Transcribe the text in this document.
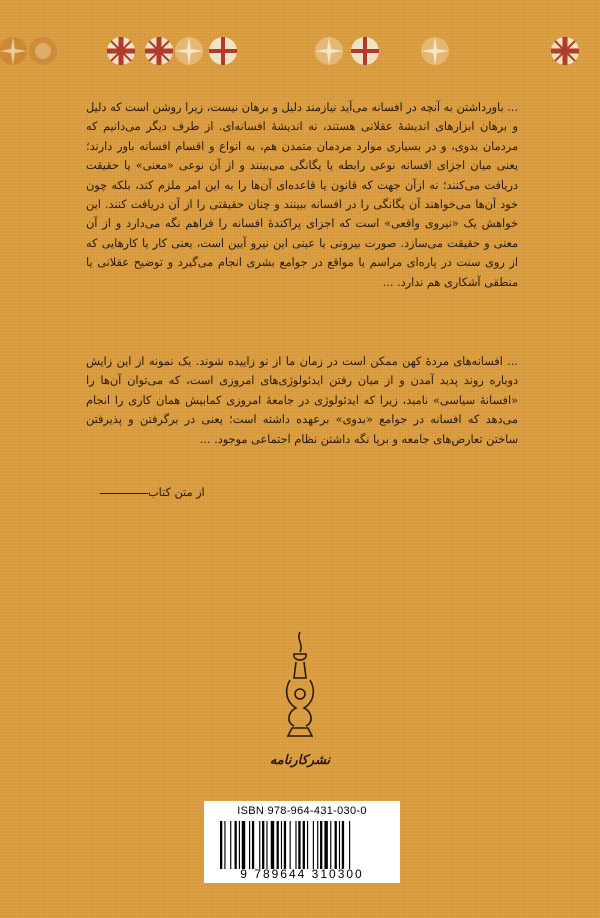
... باورداشتن به آنچه در افسانه می‌آید نیازمند دلیل و برهان نیست، زیرا روشن است که دلیل و برهان ابزارهای اندیشهٔ عقلانی هستند، نه اندیشهٔ افسانه‌ای. از طرف دیگر می‌دانیم که مردمان بدوی، و در بسیاری موارد مردمان متمدن هم، به انواع و اقسام افسانه باور دارند؛ یعنی میان اجزای افسانه نوعی رابطه یا یگانگی می‌بینند و از آن نوعی «معنی» یا حقیقت دریافت می‌کنند؛ نه ازآن جهت که قانون یا قاعده‌ای آن‌ها را به این امر ملزم کند، بلکه چون خود آن‌ها می‌خواهند آن یگانگی را در افسانه ببینند و چنان حقیقتی را از آن دریافت کنند. این خواهش یک «نیروی واقعی» است که اجزای پراکندهٔ افسانه را فراهم نگه می‌دارد و از آن معنی و حقیقت می‌سازد. صورت بیرونی یا عینی این نیرو آیین است، یعنی کار یا کارهایی که از روی سنت در پاره‌ای مراسم یا مواقع در جوامع بشری انجام می‌گیرد و توضیح عقلانی یا منطقی آشکاری هم ندارد. ...
... افسانه‌های مردهٔ کهن ممکن است در زمان ما از نو زاییده شوند. یک نمونه از این زایش دوباره روند پدید آمدن و از میان رفتن ایدئولوژی‌های امروزی است، که می‌توان آن‌ها را «افسانهٔ سیاسی» نامید، زیرا که ایدئولوژی در جامعهٔ امروزی کمابیش همان کاری را انجام می‌دهد که افسانه در جوامع «بدوی» برعهده داشته است؛ یعنی در برگرفتن و پذیرفتن ساختن تعارض‌های جامعه و برپا نگه داشتن نظام اجتماعی موجود. ...
از متن کتاب
نشرکارنامه
ISBN 978-964-431-030-0
9 789644 310300
